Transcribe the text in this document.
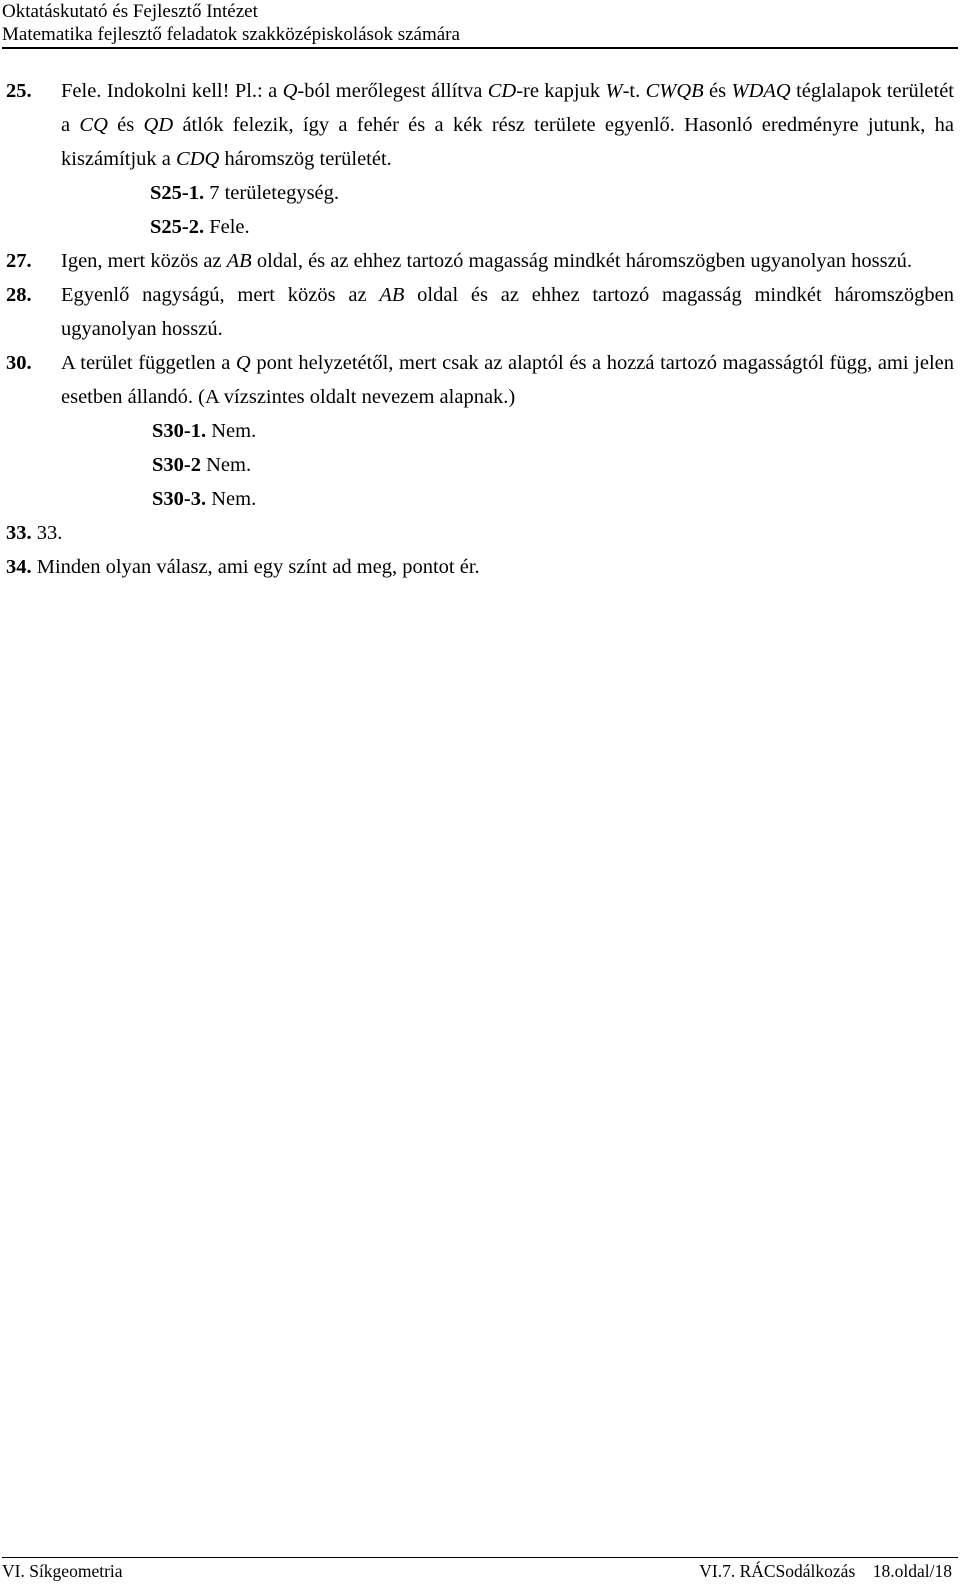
Oktatáskutató és Fejlesztő Intézet
Matematika fejlesztő feladatok szakközépiskolások számára
25. Fele. Indokolni kell! Pl.: a Q-ból merőlegest állítva CD-re kapjuk W-t. CWQB és WDAQ téglalapok területét a CQ és QD átlók felezik, így a fehér és a kék rész területe egyenlő. Hasonló eredményre jutunk, ha kiszámítjuk a CDQ háromszög területét.
S25-1. 7 területegység.
S25-2. Fele.
27. Igen, mert közös az AB oldal, és az ehhez tartozó magasság mindkét háromszögben ugyanolyan hosszú.
28. Egyenlő nagyságú, mert közös az AB oldal és az ehhez tartozó magasság mindkét háromszögben ugyanolyan hosszú.
30. A terület független a Q pont helyzetétől, mert csak az alaptól és a hozzá tartozó magasságtól függ, ami jelen esetben állandó. (A vízszintes oldalt nevezem alapnak.)
S30-1. Nem.
S30-2 Nem.
S30-3. Nem.
33. 33.
34. Minden olyan válasz, ami egy színt ad meg, pontot ér.
VI. Síkgeometria	VI.7. RÁCSodálkozás    18.oldal/18
